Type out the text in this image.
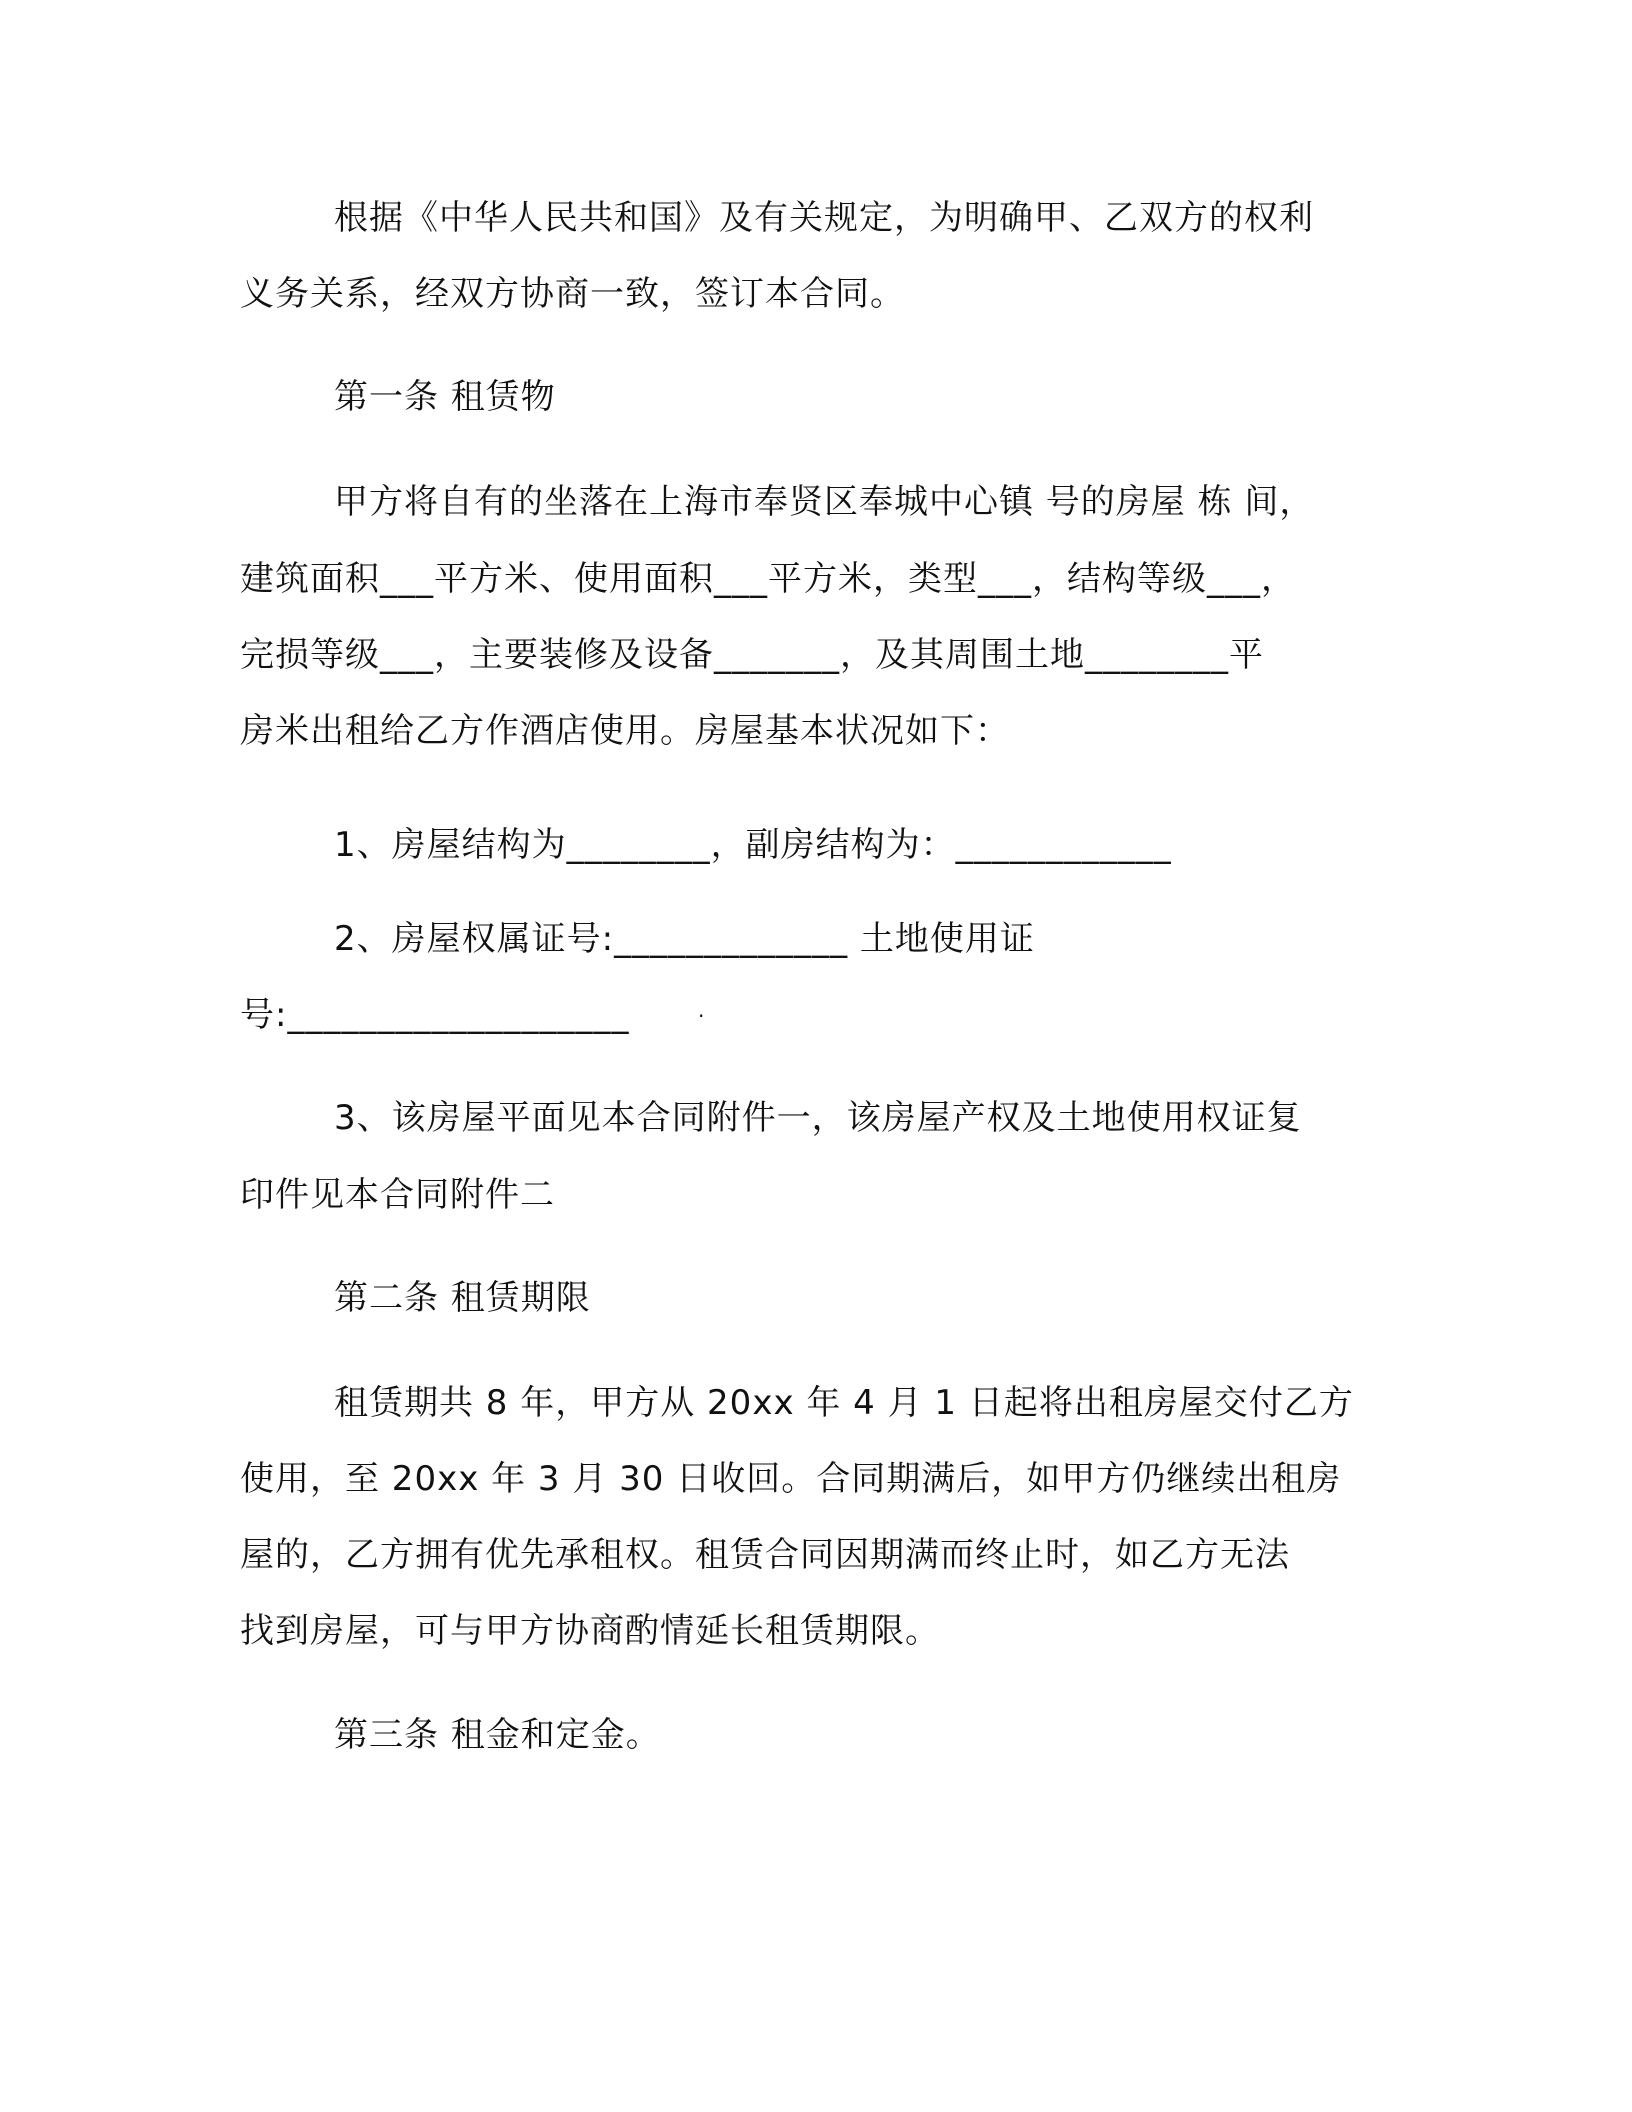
根据《中华人民共和国》及有关规定，为明确甲、乙双方的权利
义务关系，经双方协商一致，签订本合同。
第一条 租赁物
甲方将自有的坐落在上海市奉贤区奉城中心镇 号的房屋 栋 间，
建筑面积___平方米、使用面积___平方米，类型___，结构等级___，
完损等级___，主要装修及设备_______，及其周围土地________平
房米出租给乙方作酒店使用。房屋基本状况如下：
1、房屋结构为________，副房结构为：____________
2、房屋权属证号:_____________ 土地使用证
号:___________________	·
3、该房屋平面见本合同附件一，该房屋产权及土地使用权证复
印件见本合同附件二
第二条 租赁期限
租赁期共 8 年，甲方从 20xx 年 4 月 1 日起将出租房屋交付乙方
使用，至 20xx 年 3 月 30 日收回。合同期满后，如甲方仍继续出租房
屋的，乙方拥有优先承租权。租赁合同因期满而终止时，如乙方无法
找到房屋，可与甲方协商酌情延长租赁期限。
第三条 租金和定金。
